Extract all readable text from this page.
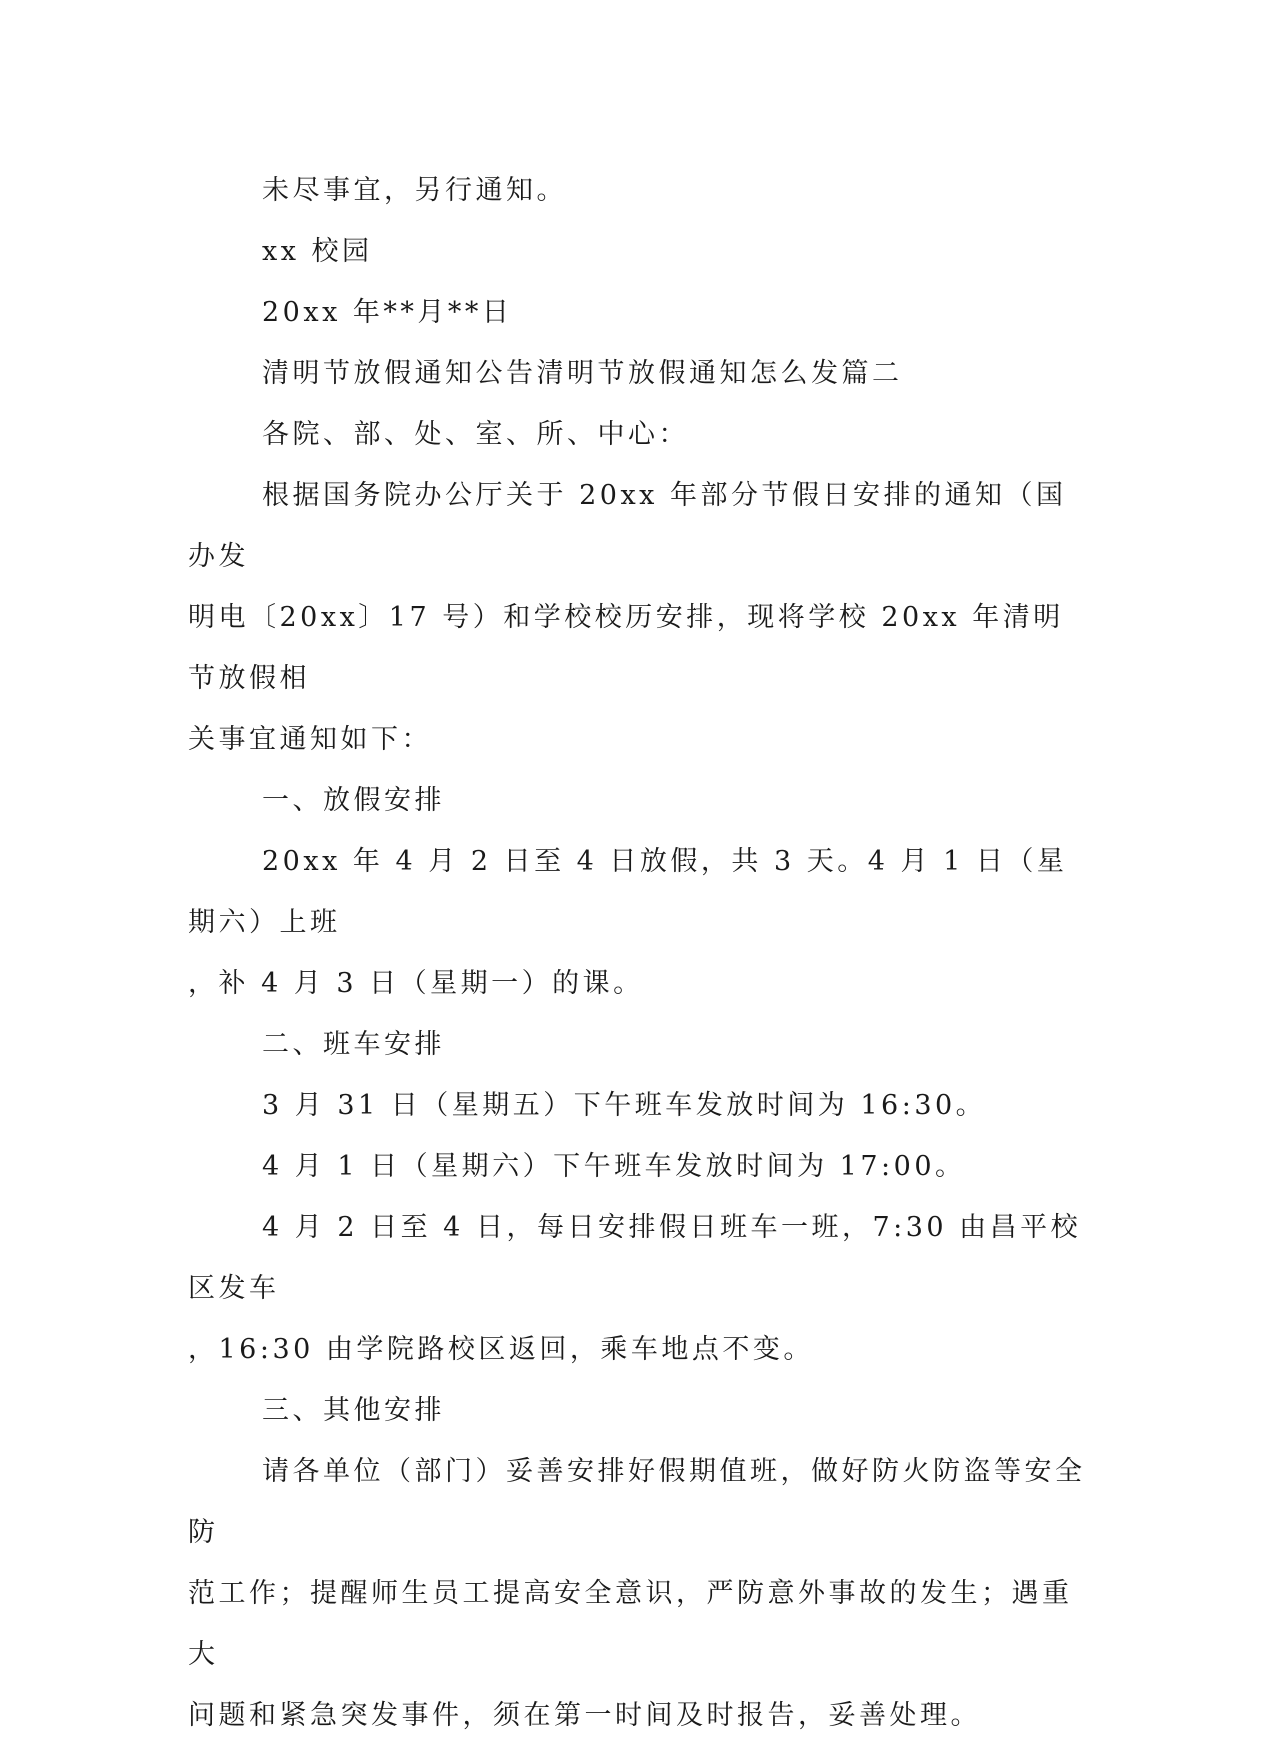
未尽事宜，另行通知。

xx 校园

20xx 年**月**日

清明节放假通知公告清明节放假通知怎么发篇二

各院、部、处、室、所、中心：

根据国务院办公厅关于 20xx 年部分节假日安排的通知（国办发
明电〔20xx〕17 号）和学校校历安排，现将学校 20xx 年清明节放假相
关事宜通知如下：

一、放假安排

20xx 年 4 月 2 日至 4 日放假，共 3 天。4 月 1 日（星期六）上班
，补 4 月 3 日（星期一）的课。

二、班车安排

3 月 31 日（星期五）下午班车发放时间为 16:30。

4 月 1 日（星期六）下午班车发放时间为 17:00。

4 月 2 日至 4 日，每日安排假日班车一班，7:30 由昌平校区发车
，16:30 由学院路校区返回，乘车地点不变。

三、其他安排

请各单位（部门）妥善安排好假期值班，做好防火防盗等安全防
范工作；提醒师生员工提高安全意识，严防意外事故的发生；遇重大
问题和紧急突发事件，须在第一时间及时报告，妥善处理。
